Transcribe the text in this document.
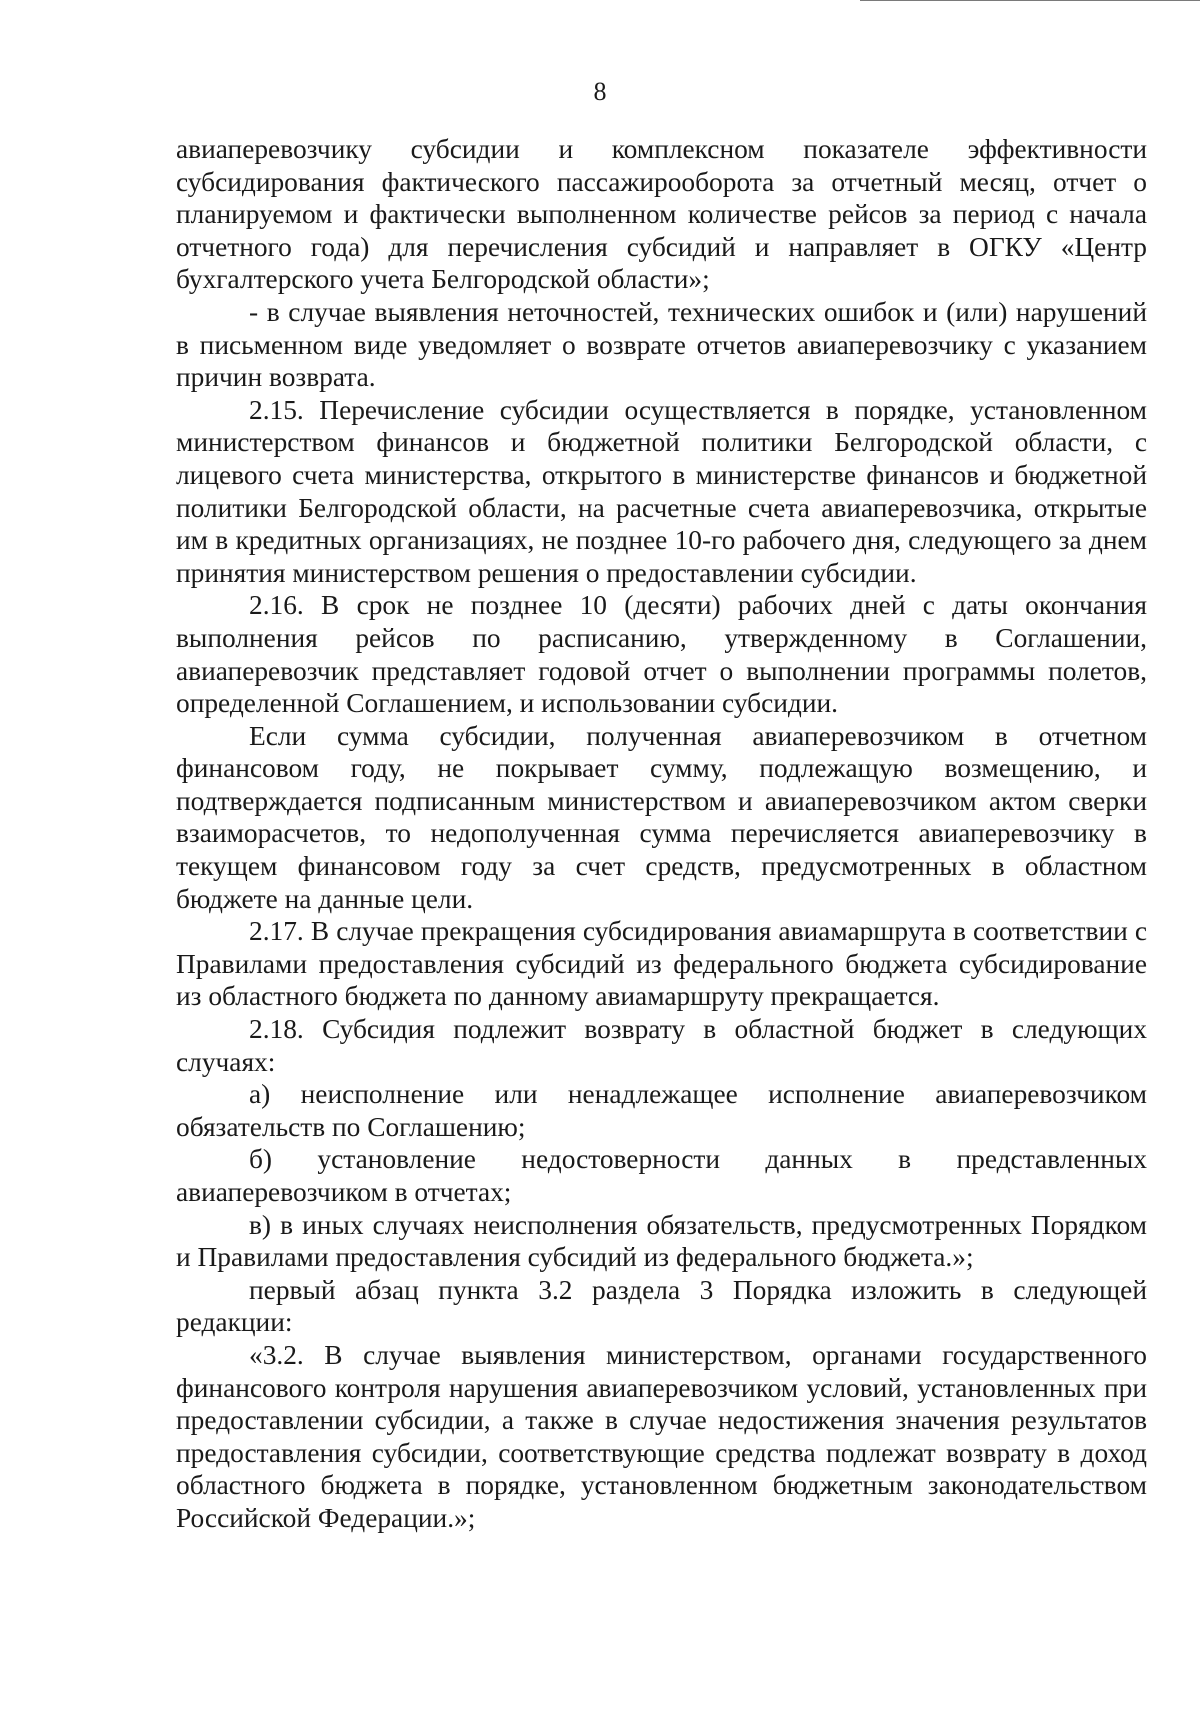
8

авиаперевозчику субсидии и комплексном показателе эффективности субсидирования фактического пассажирооборота за отчетный месяц, отчет о планируемом и фактически выполненном количестве рейсов за период с начала отчетного года) для перечисления субсидий и направляет в ОГКУ «Центр бухгалтерского учета Белгородской области»;

- в случае выявления неточностей, технических ошибок и (или) нарушений в письменном виде уведомляет о возврате отчетов авиаперевозчику с указанием причин возврата.

2.15. Перечисление субсидии осуществляется в порядке, установленном министерством финансов и бюджетной политики Белгородской области, с лицевого счета министерства, открытого в министерстве финансов и бюджетной политики Белгородской области, на расчетные счета авиаперевозчика, открытые им в кредитных организациях, не позднее 10-го рабочего дня, следующего за днем принятия министерством решения о предоставлении субсидии.

2.16. В срок не позднее 10 (десяти) рабочих дней с даты окончания выполнения рейсов по расписанию, утвержденному в Соглашении, авиаперевозчик представляет годовой отчет о выполнении программы полетов, определенной Соглашением, и использовании субсидии.

Если сумма субсидии, полученная авиаперевозчиком в отчетном финансовом году, не покрывает сумму, подлежащую возмещению, и подтверждается подписанным министерством и авиаперевозчиком актом сверки взаиморасчетов, то недополученная сумма перечисляется авиаперевозчику в текущем финансовом году за счет средств, предусмотренных в областном бюджете на данные цели.

2.17. В случае прекращения субсидирования авиамаршрута в соответствии с Правилами предоставления субсидий из федерального бюджета субсидирование из областного бюджета по данному авиамаршруту прекращается.

2.18. Субсидия подлежит возврату в областной бюджет в следующих случаях:

а) неисполнение или ненадлежащее исполнение авиаперевозчиком обязательств по Соглашению;

б) установление недостоверности данных в представленных авиаперевозчиком в отчетах;

в) в иных случаях неисполнения обязательств, предусмотренных Порядком и Правилами предоставления субсидий из федерального бюджета.»;

первый абзац пункта 3.2 раздела 3 Порядка изложить в следующей редакции:

«3.2. В случае выявления министерством, органами государственного финансового контроля нарушения авиаперевозчиком условий, установленных при предоставлении субсидии, а также в случае недостижения значения результатов предоставления субсидии, соответствующие средства подлежат возврату в доход областного бюджета в порядке, установленном бюджетным законодательством Российской Федерации.»;
